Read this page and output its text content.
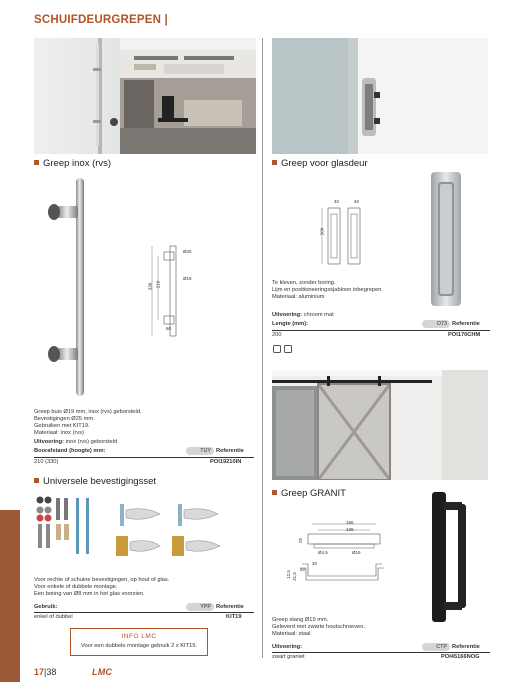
SCHUIFDEURGREPEN |
Greep inox (rvs)
Ø25
210
330
Ø19
60
Greep buis Ø19 mm, inox (rvs) geborsteld.
Bevestigingen Ø25 mm.
Gebruiken met KIT19.
Materiaal: inox (rvs)
Uitvoering: inox (rvs) geborsteld
Boorafstand (hoogte) mm:	TUY Referentie
210 (330)	POI19210IN
Universele bevestigingsset
Voor rechte of schuine bevestigingen, op hout of glas.
Voor enkele of dubbele montage.
Een boring van Ø8 mm in het glas voorzien.
Gebruik:	YPP Referentie
enkel of dubbel	KIT19
INFO LMC
Voor een dubbele montage gebruik 2 x KIT19.
Greep voor glasdeur
40	40
200
Te kleven, zonder boring.
Lijm en positioneeringssjabloon inbegrepen.
Materiaal: aluminium
Uitvoering: chroom mat
Lengte (mm):	D73 Referentie
200	POI170CHM
Greep GRANIT
166
136
25
Ø4,5	Ø19
30
60
12,5 31,5
Greep stang Ø19 mm.
Geleverd met zwarte houtschroeven.
Materiaal: staal
Uitvoering:	CTP Referentie
zwart graniet	POI45166NOG
17|38	LMC
